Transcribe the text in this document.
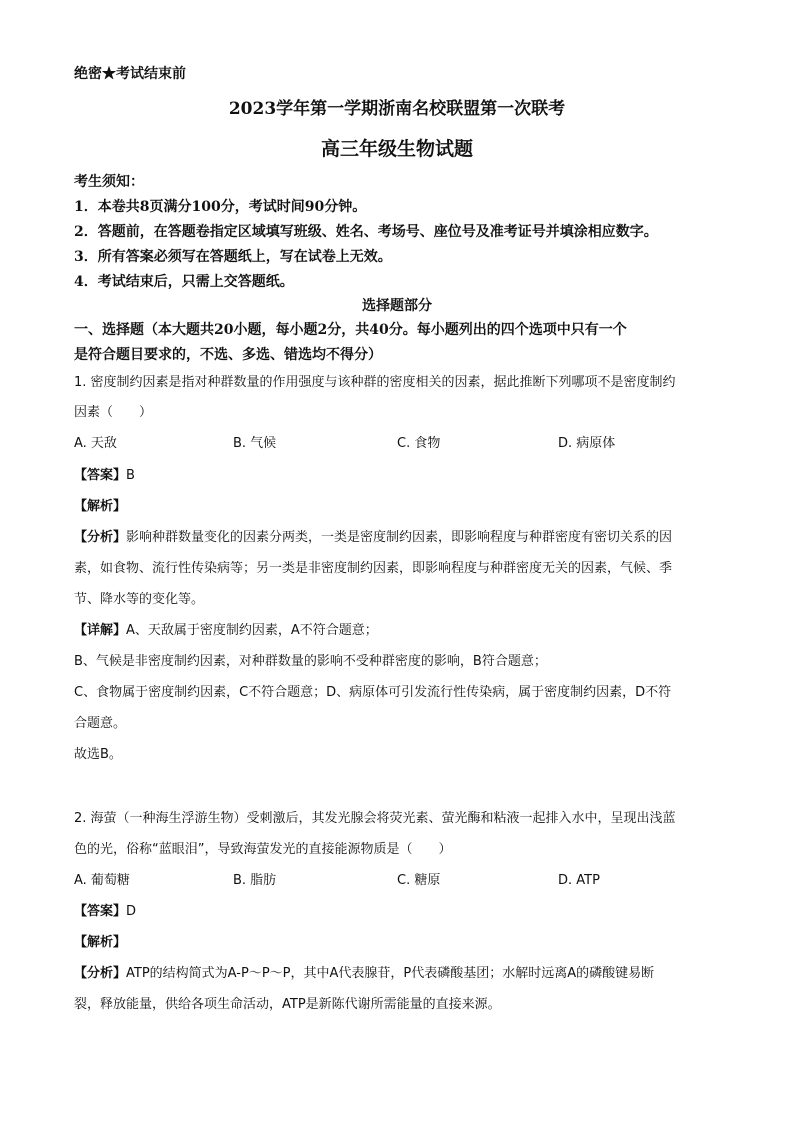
绝密★考试结束前
2023学年第一学期浙南名校联盟第一次联考
高三年级生物试题
考生须知：
1．本卷共8页满分100分，考试时间90分钟。
2．答题前，在答题卷指定区域填写班级、姓名、考场号、座位号及准考证号并填涂相应数字。
3．所有答案必须写在答题纸上，写在试卷上无效。
4．考试结束后，只需上交答题纸。
选择题部分
一、选择题（本大题共20小题，每小题2分，共40分。每小题列出的四个选项中只有一个
是符合题目要求的，不选、多选、错选均不得分）
1. 密度制约因素是指对种群数量的作用强度与该种群的密度相关的因素，据此推断下列哪项不是密度制约
因素（　　）
A. 天敌	B. 气候	C. 食物	D. 病原体
【答案】B
【解析】
【分析】影响种群数量变化的因素分两类，一类是密度制约因素，即影响程度与种群密度有密切关系的因
素，如食物、流行性传染病等；另一类是非密度制约因素，即影响程度与种群密度无关的因素，气候、季
节、降水等的变化等。
【详解】A、天敌属于密度制约因素，A不符合题意；
B、气候是非密度制约因素，对种群数量的影响不受种群密度的影响，B符合题意；
C、食物属于密度制约因素，C不符合题意；D、病原体可引发流行性传染病，属于密度制约因素，D不符
合题意。
故选B。
2. 海萤（一种海生浮游生物）受刺激后，其发光腺会将荧光素、萤光酶和粘液一起排入水中，呈现出浅蓝
色的光，俗称“蓝眼泪”，导致海萤发光的直接能源物质是（　　）
A. 葡萄糖	B. 脂肪	C. 糖原	D. ATP
【答案】D
【解析】
【分析】ATP的结构简式为A-P～P～P，其中A代表腺苷，P代表磷酸基团；水解时远离A的磷酸键易断
裂，释放能量，供给各项生命活动，ATP是新陈代谢所需能量的直接来源。
